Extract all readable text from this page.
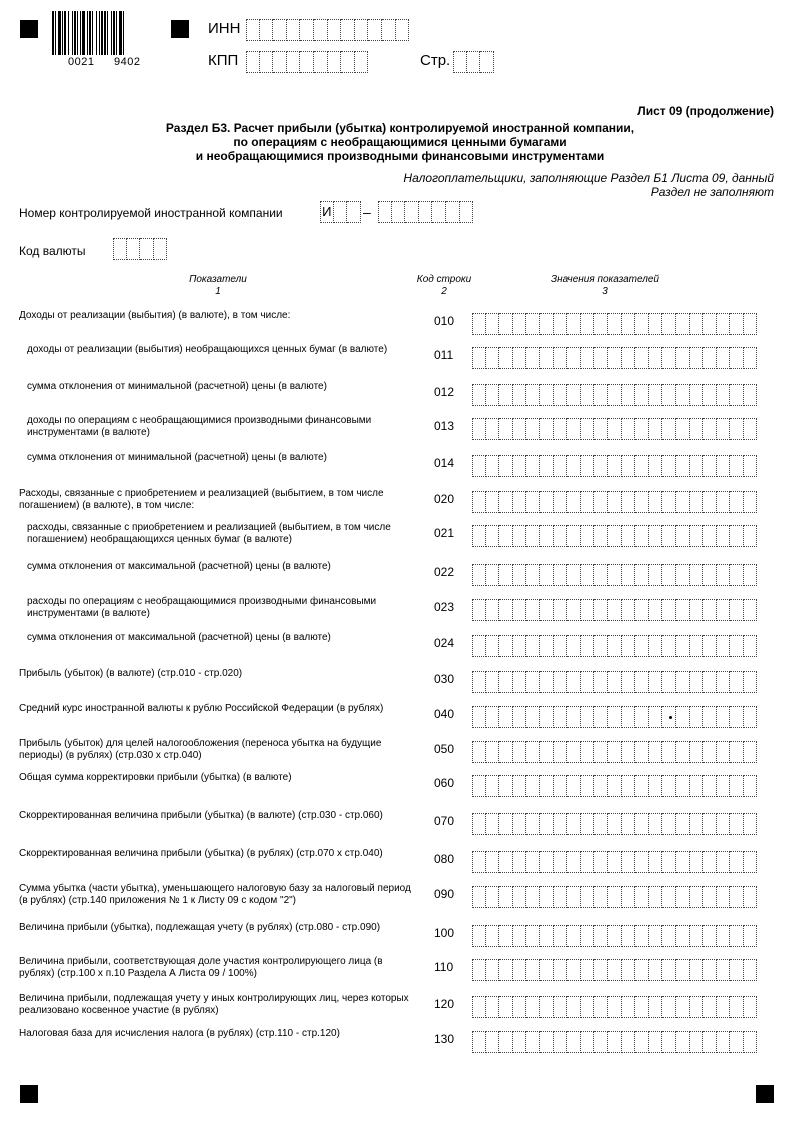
0021 9402
ИНН
КПП	Стр.
Лист 09 (продолжение)
Раздел Б3. Расчет прибыли (убытка) контролируемой иностранной компании,
по операциям с необращающимися ценными бумагами
и необращающимися производными финансовыми инструментами
Налогоплательщики, заполняющие Раздел Б1 Листа 09, данный
Раздел не заполняют
Номер контролируемой иностранной компании	И –
Код валюты
Показатели
1
Код строки
2
Значения показателей
3
Доходы от реализации (выбытия) (в валюте), в том числе:	010
доходы от реализации (выбытия) необращающихся ценных бумаг (в валюте)	011
сумма отклонения от минимальной (расчетной) цены (в валюте)	012
доходы по операциям с необращающимися производными финансовыми инструментами (в валюте)	013
сумма отклонения от минимальной (расчетной) цены (в валюте)	014
Расходы, связанные с приобретением и реализацией (выбытием, в том числе погашением) (в валюте), в том числе:	020
расходы, связанные с приобретением и реализацией (выбытием, в том числе погашением) необращающихся ценных бумаг (в валюте)	021
сумма отклонения от максимальной (расчетной) цены (в валюте)	022
расходы по операциям с необращающимися производными финансовыми инструментами (в валюте)	023
сумма отклонения от максимальной (расчетной) цены (в валюте)	024
Прибыль (убыток) (в валюте) (стр.010 - стр.020)	030
Средний курс иностранной валюты к рублю Российской Федерации (в рублях)	040
Прибыль (убыток) для целей налогообложения (переноса убытка на будущие периоды) (в рублях) (стр.030 х стр.040)	050
Общая сумма корректировки прибыли (убытка) (в валюте)	060
Скорректированная величина прибыли (убытка) (в валюте) (стр.030 - стр.060)	070
Скорректированная величина прибыли (убытка) (в рублях) (стр.070 х стр.040)	080
Сумма убытка (части убытка), уменьшающего налоговую базу за налоговый период (в рублях) (стр.140 приложения № 1 к Листу 09 с кодом "2")	090
Величина прибыли (убытка), подлежащая учету (в рублях) (стр.080 - стр.090)	100
Величина прибыли, соответствующая доле участия контролирующего лица (в рублях) (стр.100 х п.10 Раздела А Листа 09 / 100%)	110
Величина прибыли, подлежащая учету у иных контролирующих лиц, через которых реализовано косвенное участие (в рублях)	120
Налоговая база для исчисления налога (в рублях) (стр.110 - стр.120)	130
